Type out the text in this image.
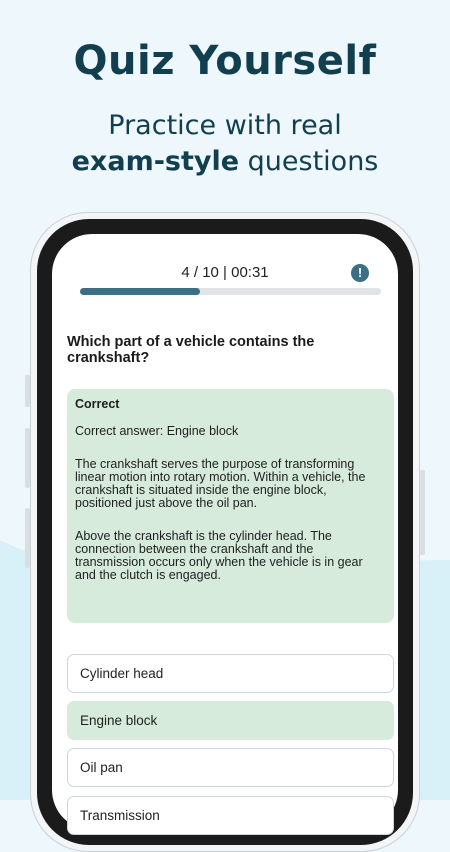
Quiz Yourself
Practice with real
exam-style questions
4 / 10 | 00:31	!
Which part of a vehicle contains the crankshaft?
Correct
Correct answer: Engine block
The crankshaft serves the purpose of transforming linear motion into rotary motion. Within a vehicle, the crankshaft is situated inside the engine block, positioned just above the oil pan.
Above the crankshaft is the cylinder head. The connection between the crankshaft and the transmission occurs only when the vehicle is in gear and the clutch is engaged.
Cylinder head
Engine block
Oil pan
Transmission
